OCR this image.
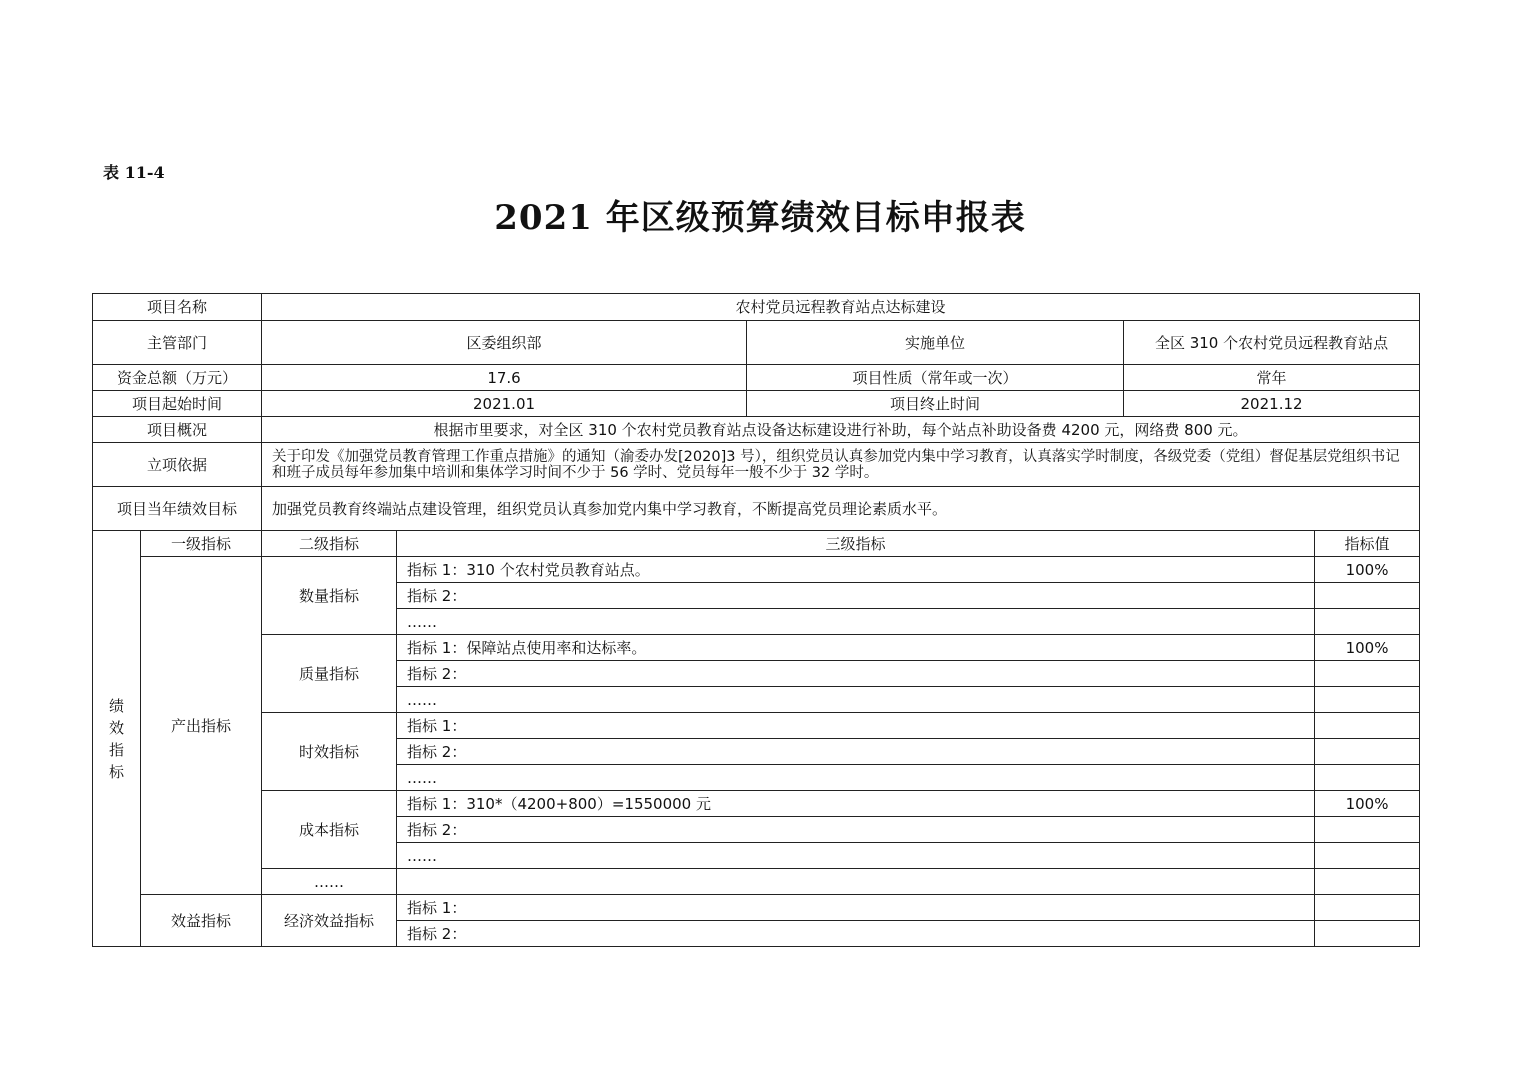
表 11-4
2021 年区级预算绩效目标申报表
项目名称		农村党员远程教育站点达标建设				
主管部门		区委组织部		实施单位	全区 310 个农村党员远程教育站点	
资金总额（万元）		17.6		项目性质（常年或一次）	常年	
项目起始时间		2021.01		项目终止时间	2021.12	
项目概况		根据市里要求，对全区 310 个农村党员教育站点设备达标建设进行补助，每个站点补助设备费 4200 元，网络费 800 元。				
立项依据		关于印发《加强党员教育管理工作重点措施》的通知（渝委办发[2020]3 号），组织党员认真参加党内集中学习教育，认真落实学时制度，各级党委（党组）督促基层党组织书记和班子成员每年参加集中培训和集体学习时间不少于 56 学时、党员每年一般不少于 32 学时。				
项目当年绩效目标		加强党员教育终端站点建设管理，组织党员认真参加党内集中学习教育，不断提高党员理论素质水平。				
绩
效
指
标	一级指标	二级指标	三级指标			指标值
	产出指标	数量指标	指标 1：310 个农村党员教育站点。			100%
			指标 2：			
			……			
		质量指标	指标 1：保障站点使用率和达标率。			100%
			指标 2：			
			……			
		时效指标	指标 1：			
			指标 2：			
			……			
		成本指标	指标 1：310*（4200+800）=1550000 元			100%
			指标 2：			
			……			
		……				
	效益指标	经济效益指标	指标 1：			
			指标 2：			
